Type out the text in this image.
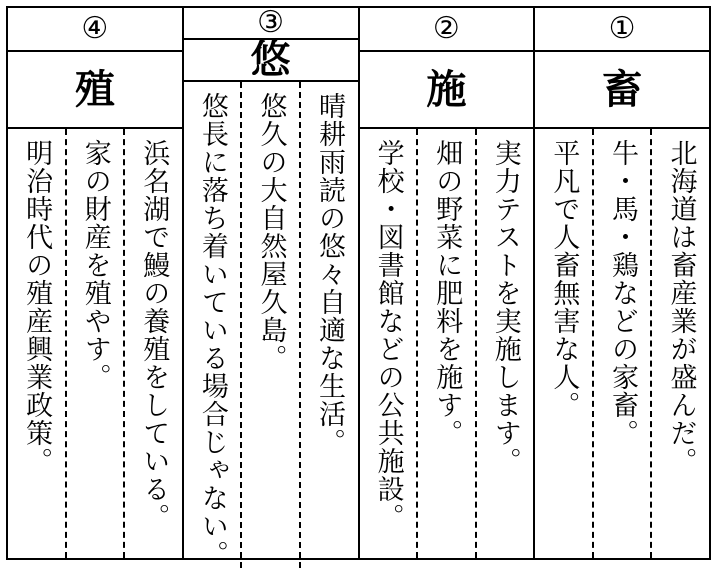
④
殖

明治時代の殖産興業政策。 家の財産を殖やす。 浜名湖で鰻の養殖をしている。

③
悠

悠長に落ち着いている場合じゃない。 悠久の大自然屋久島。 晴耕雨読の悠々自適な生活。

②
施

学校・図書館などの公共施設。 畑の野菜に肥料を施す。 実力テストを実施します。

①
畜

平凡で人畜無害な人。 牛・馬・鶏などの家畜。 北海道は畜産業が盛んだ。
